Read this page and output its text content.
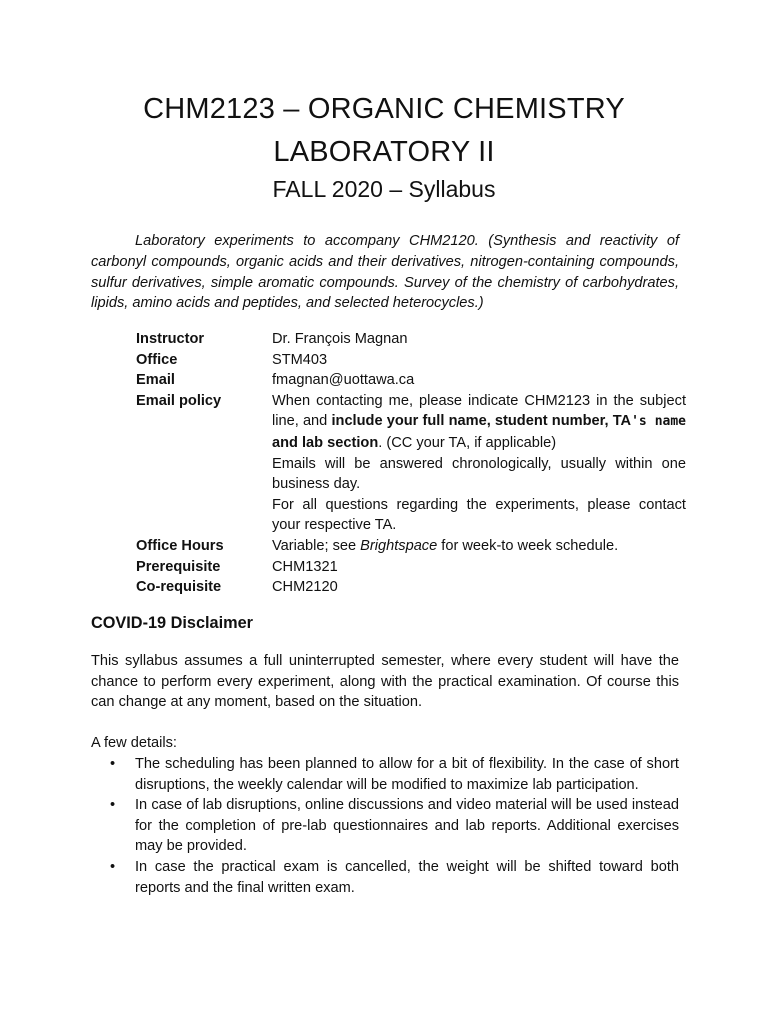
CHM2123 – ORGANIC CHEMISTRY
LABORATORY II
FALL 2020 – Syllabus

Laboratory experiments to accompany CHM2120. (Synthesis and reactivity of carbonyl compounds, organic acids and their derivatives, nitrogen-containing compounds, sulfur derivatives, simple aromatic compounds. Survey of the chemistry of carbohydrates, lipids, amino acids and peptides, and selected heterocycles.)

Instructor	Dr. François Magnan
Office	STM403
Email	fmagnan@uottawa.ca
Email policy	When contacting me, please indicate CHM2123 in the subject line, and include your full name, student number, TA's name and lab section. (CC your TA, if applicable)

Emails will be answered chronologically, usually within one business day.

For all questions regarding the experiments, please contact your respective TA.

Office Hours	Variable; see Brightspace for week-to week schedule.
Prerequisite	CHM1321
Co-requisite	CHM2120
COVID-19 Disclaimer

This syllabus assumes a full uninterrupted semester, where every student will have the chance to perform every experiment, along with the practical examination. Of course this can change at any moment, based on the situation.

A few details:

• The scheduling has been planned to allow for a bit of flexibility. In the case of short disruptions, the weekly calendar will be modified to maximize lab participation.
• In case of lab disruptions, online discussions and video material will be used instead for the completion of pre-lab questionnaires and lab reports. Additional exercises may be provided.
• In case the practical exam is cancelled, the weight will be shifted toward both reports and the final written exam.
